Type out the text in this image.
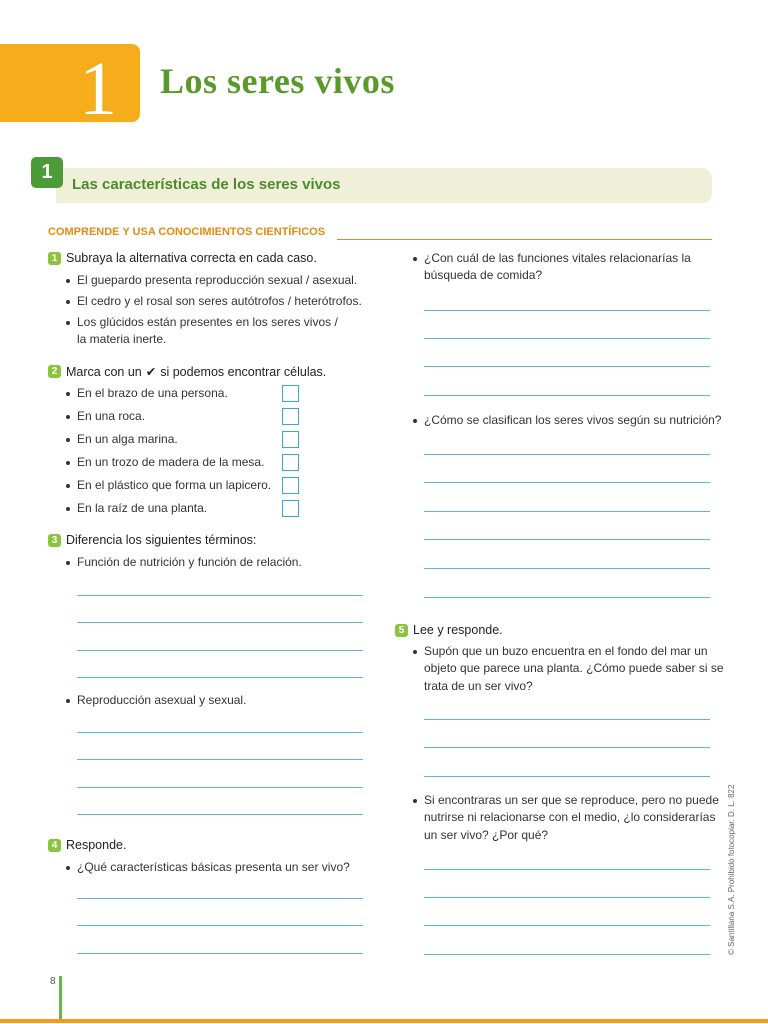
1	Los seres vivos
1
Las características de los seres vivos
COMPRENDE Y USA CONOCIMIENTOS CIENTÍFICOS
1 Subraya la alternativa correcta en cada caso.
El guepardo presenta reproducción sexual / asexual.
El cedro y el rosal son seres autótrofos / heterótrofos.
Los glúcidos están presentes en los seres vivos /
la materia inerte.
2 Marca con un ✔ si podemos encontrar células.
En el brazo de una persona.
En una roca.
En un alga marina.
En un trozo de madera de la mesa.
En el plástico que forma un lapicero.
En la raíz de una planta.
3 Diferencia los siguientes términos:
Función de nutrición y función de relación.
Reproducción asexual y sexual.
4 Responde.
¿Qué características básicas presenta un ser vivo?
¿Con cuál de las funciones vitales relacionarías la
búsqueda de comida?
¿Cómo se clasifican los seres vivos según su nutrición?
5 Lee y responde.
Supón que un buzo encuentra en el fondo del mar un
objeto que parece una planta. ¿Cómo puede saber si se
trata de un ser vivo?
Si encontraras un ser que se reproduce, pero no puede
nutrirse ni relacionarse con el medio, ¿lo considerarías
un ser vivo? ¿Por qué?	© Santillana S.A. Prohibido fotocopiar. D. L. 822
8
